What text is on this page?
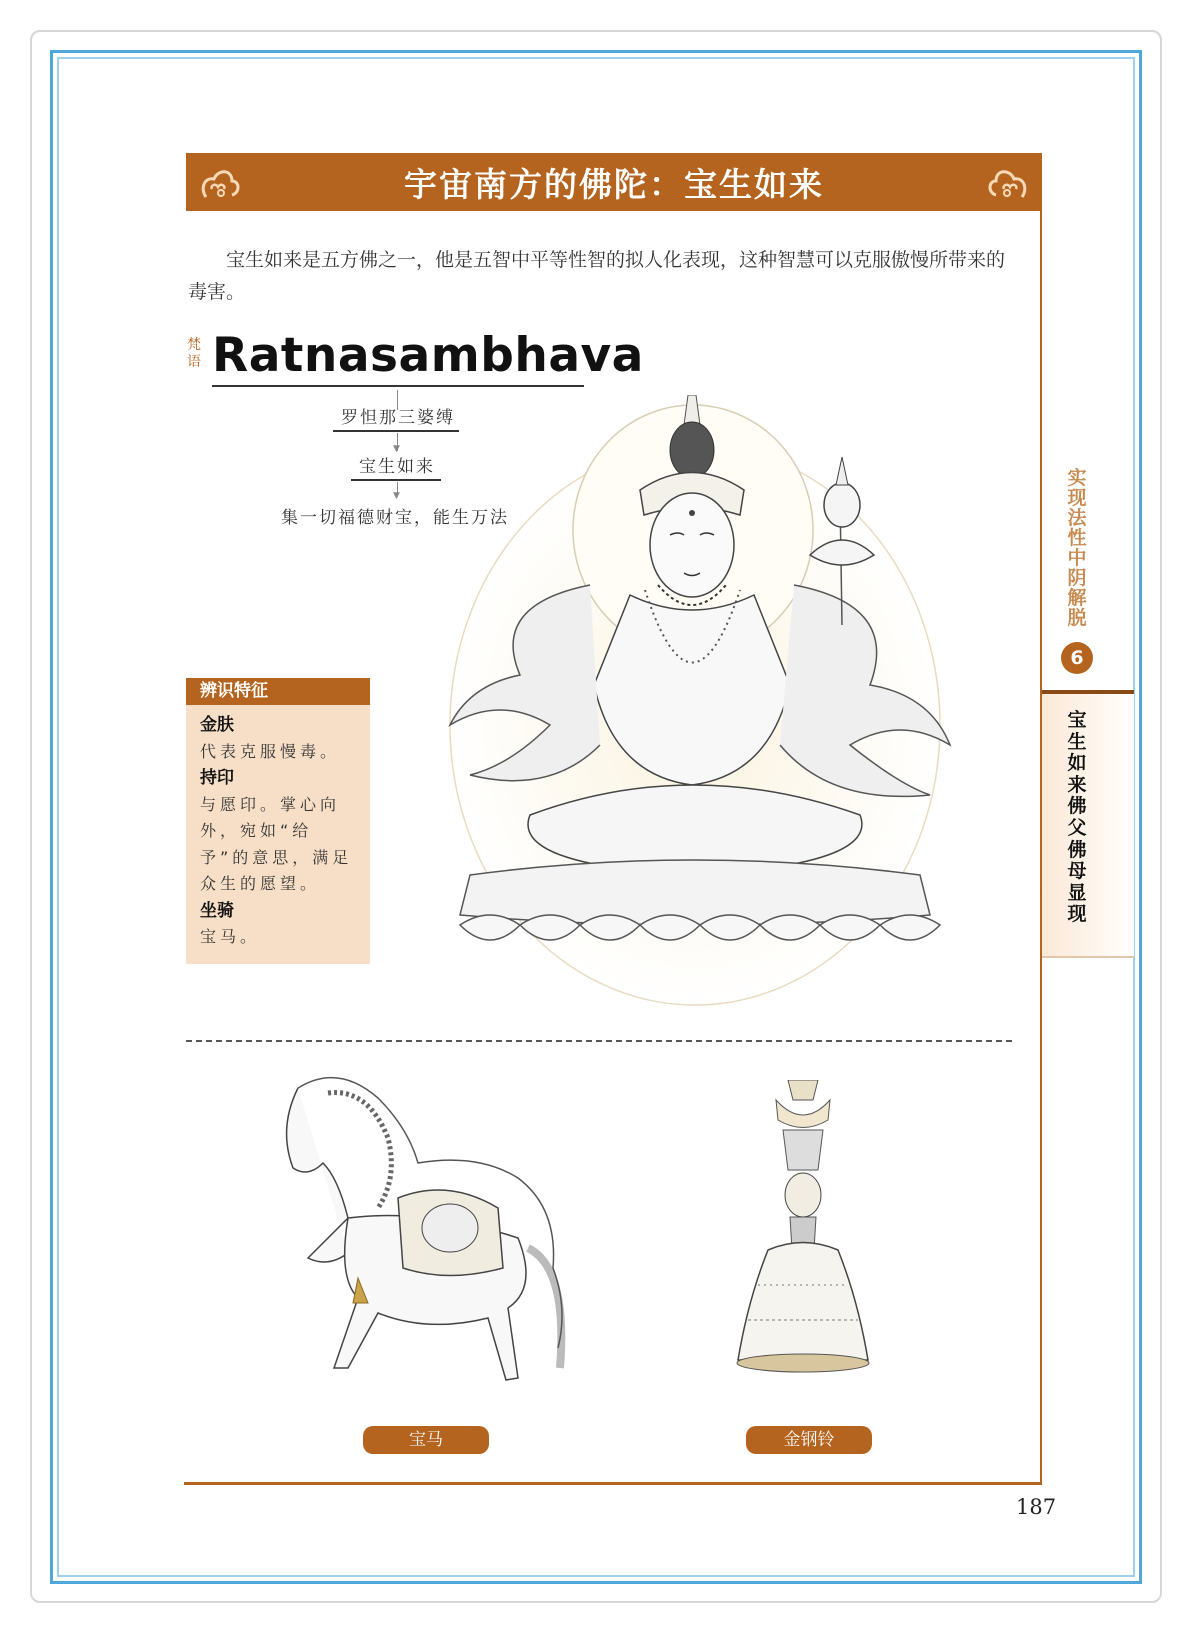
宇宙南方的佛陀：宝生如来

宝生如来是五方佛之一，他是五智中平等性智的拟人化表现，这种智慧可以克服傲慢所带来的毒害。

梵语 Ratnasambhava
罗怛那三婆缚
▼
宝生如来
▼
集一切福德财宝，能生万法
辨识特征
金肤
代表克服慢毒。
持印
与愿印。掌心向外，宛如“给予”的意思，满足众生的愿望。
坐骑
宝马。
宝马	金钢铃
实现法性中阴解脱
6
宝生如来佛父佛母显现
187
